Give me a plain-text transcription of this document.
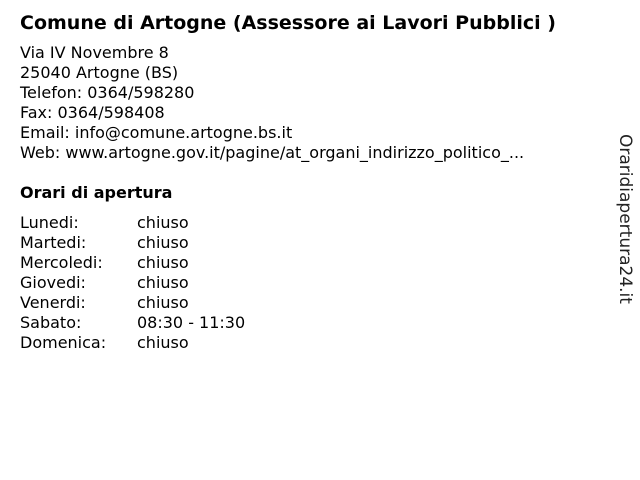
Comune di Artogne (Assessore ai Lavori Pubblici )
Via IV Novembre 8
25040 Artogne (BS)
Telefon: 0364/598280
Fax: 0364/598408
Email: info@comune.artogne.bs.it
Web: www.artogne.gov.it/pagine/at_organi_indirizzo_politico_...
Orari di apertura
Lunedi:	chiuso
Martedi:	chiuso
Mercoledi: chiuso
Giovedi:	chiuso
Venerdi:	chiuso
Sabato:	08:30 - 11:30
Domenica: chiuso
Oraridiapertura24.it
